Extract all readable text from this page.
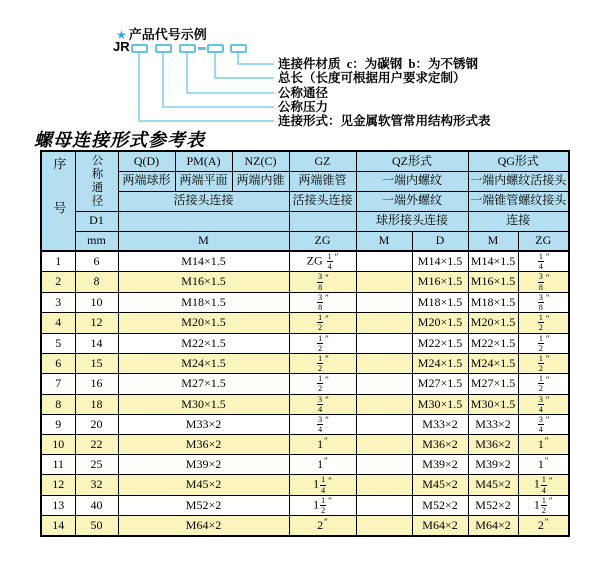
★ 产品代号示例
JR
连接件材质  c：为碳钢  b：为不锈钢
总长（长度可根据用户要求定制）
公称通径
公称压力
连接形式：见金属软管常用结构形式表
螺母连接形式参考表
序号	公称通径	Q(D)	PM(A)	NZ(C)	GZ	QZ形式		QG形式	
		两端球形	两端平面	两端内锥	两端锥管	一端内螺纹		一端内螺纹活接头	
		活接头连接			活接头连接	一端外螺纹		一端锥管螺纹接头	
	D1					球形接头连接		连接	
	mm	M			ZG	M	D	M	ZG
1	6	M14×1.5			ZG $\frac{1}{4} ''$		M14×1.5	M14×1.5	$\frac{1}{4} ''$
2	8	M16×1.5			$\frac{3}{8} ''$		M16×1.5	M16×1.5	$\frac{3}{8} ''$
3	10	M18×1.5			$\frac{3}{8} ''$		M18×1.5	M18×1.5	$\frac{3}{8} ''$
4	12	M20×1.5			$\frac{1}{2} ''$		M20×1.5	M20×1.5	$\frac{1}{2} ''$
5	14	M22×1.5			$\frac{1}{2} ''$		M22×1.5	M22×1.5	$\frac{1}{2} ''$
6	15	M24×1.5			$\frac{1}{2} ''$		M24×1.5	M24×1.5	$\frac{1}{2} ''$
7	16	M27×1.5			$\frac{1}{2} ''$		M27×1.5	M27×1.5	$\frac{1}{2} ''$
8	18	M30×1.5			$\frac{3}{4} ''$		M30×1.5	M30×1.5	$\frac{3}{4} ''$
9	20	M33×2			$\frac{3}{4} ''$		M33×2	M33×2	$\frac{3}{4} ''$
10	22	M36×2			1″		M36×2	M36×2	1″
11	25	M39×2			1″		M39×2	M39×2	1″
12	32	M45×2			$1 \frac{1}{4} ''$		M45×2	M45×2	$1 \frac{1}{4} ''$
13	40	M52×2			$1 \frac{1}{2} ''$		M52×2	M52×2	$1 \frac{1}{2} ''$
14	50	M64×2			2″		M64×2	M64×2	2″
